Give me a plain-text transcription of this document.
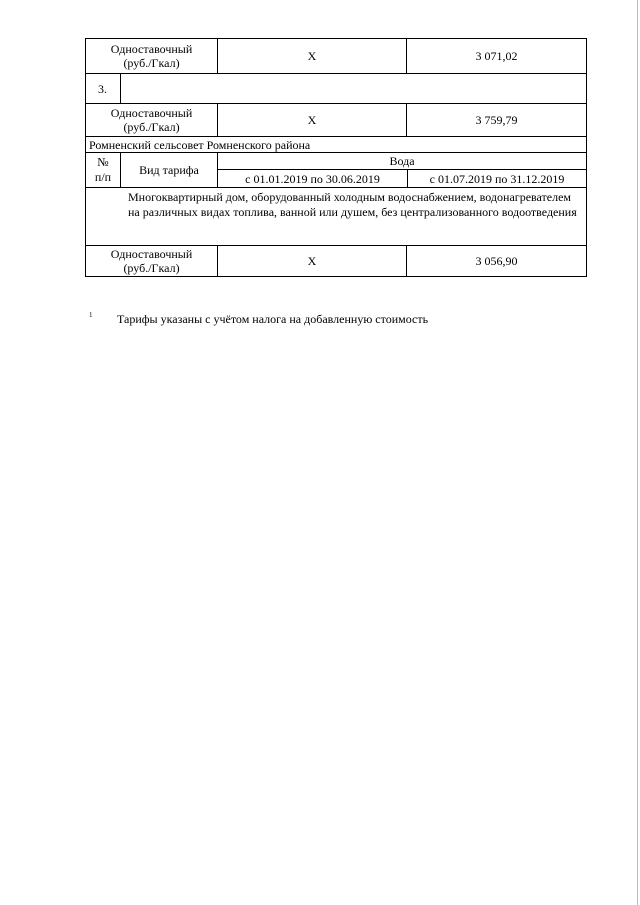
Одноставочный
(руб./Гкал)		Х	3 071,02
3.			

Одноставочный
(руб./Гкал)		Х	3 759,79
Ромненский сельсовет Ромненского района			

№ п/п	Вид тарифа	Вода	
		с 01.01.2019 по 30.06.2019	с 01.07.2019 по 31.12.2019
Многоквартирный дом, оборудованный холодным водоснабжением, водонагревателем на различных видах топлива, ванной или душем, без централизованного водоотведения			

Одноставочный
(руб./Гкал)		Х	3 056,90
1 Тарифы указаны с учётом налога на добавленную стоимость
